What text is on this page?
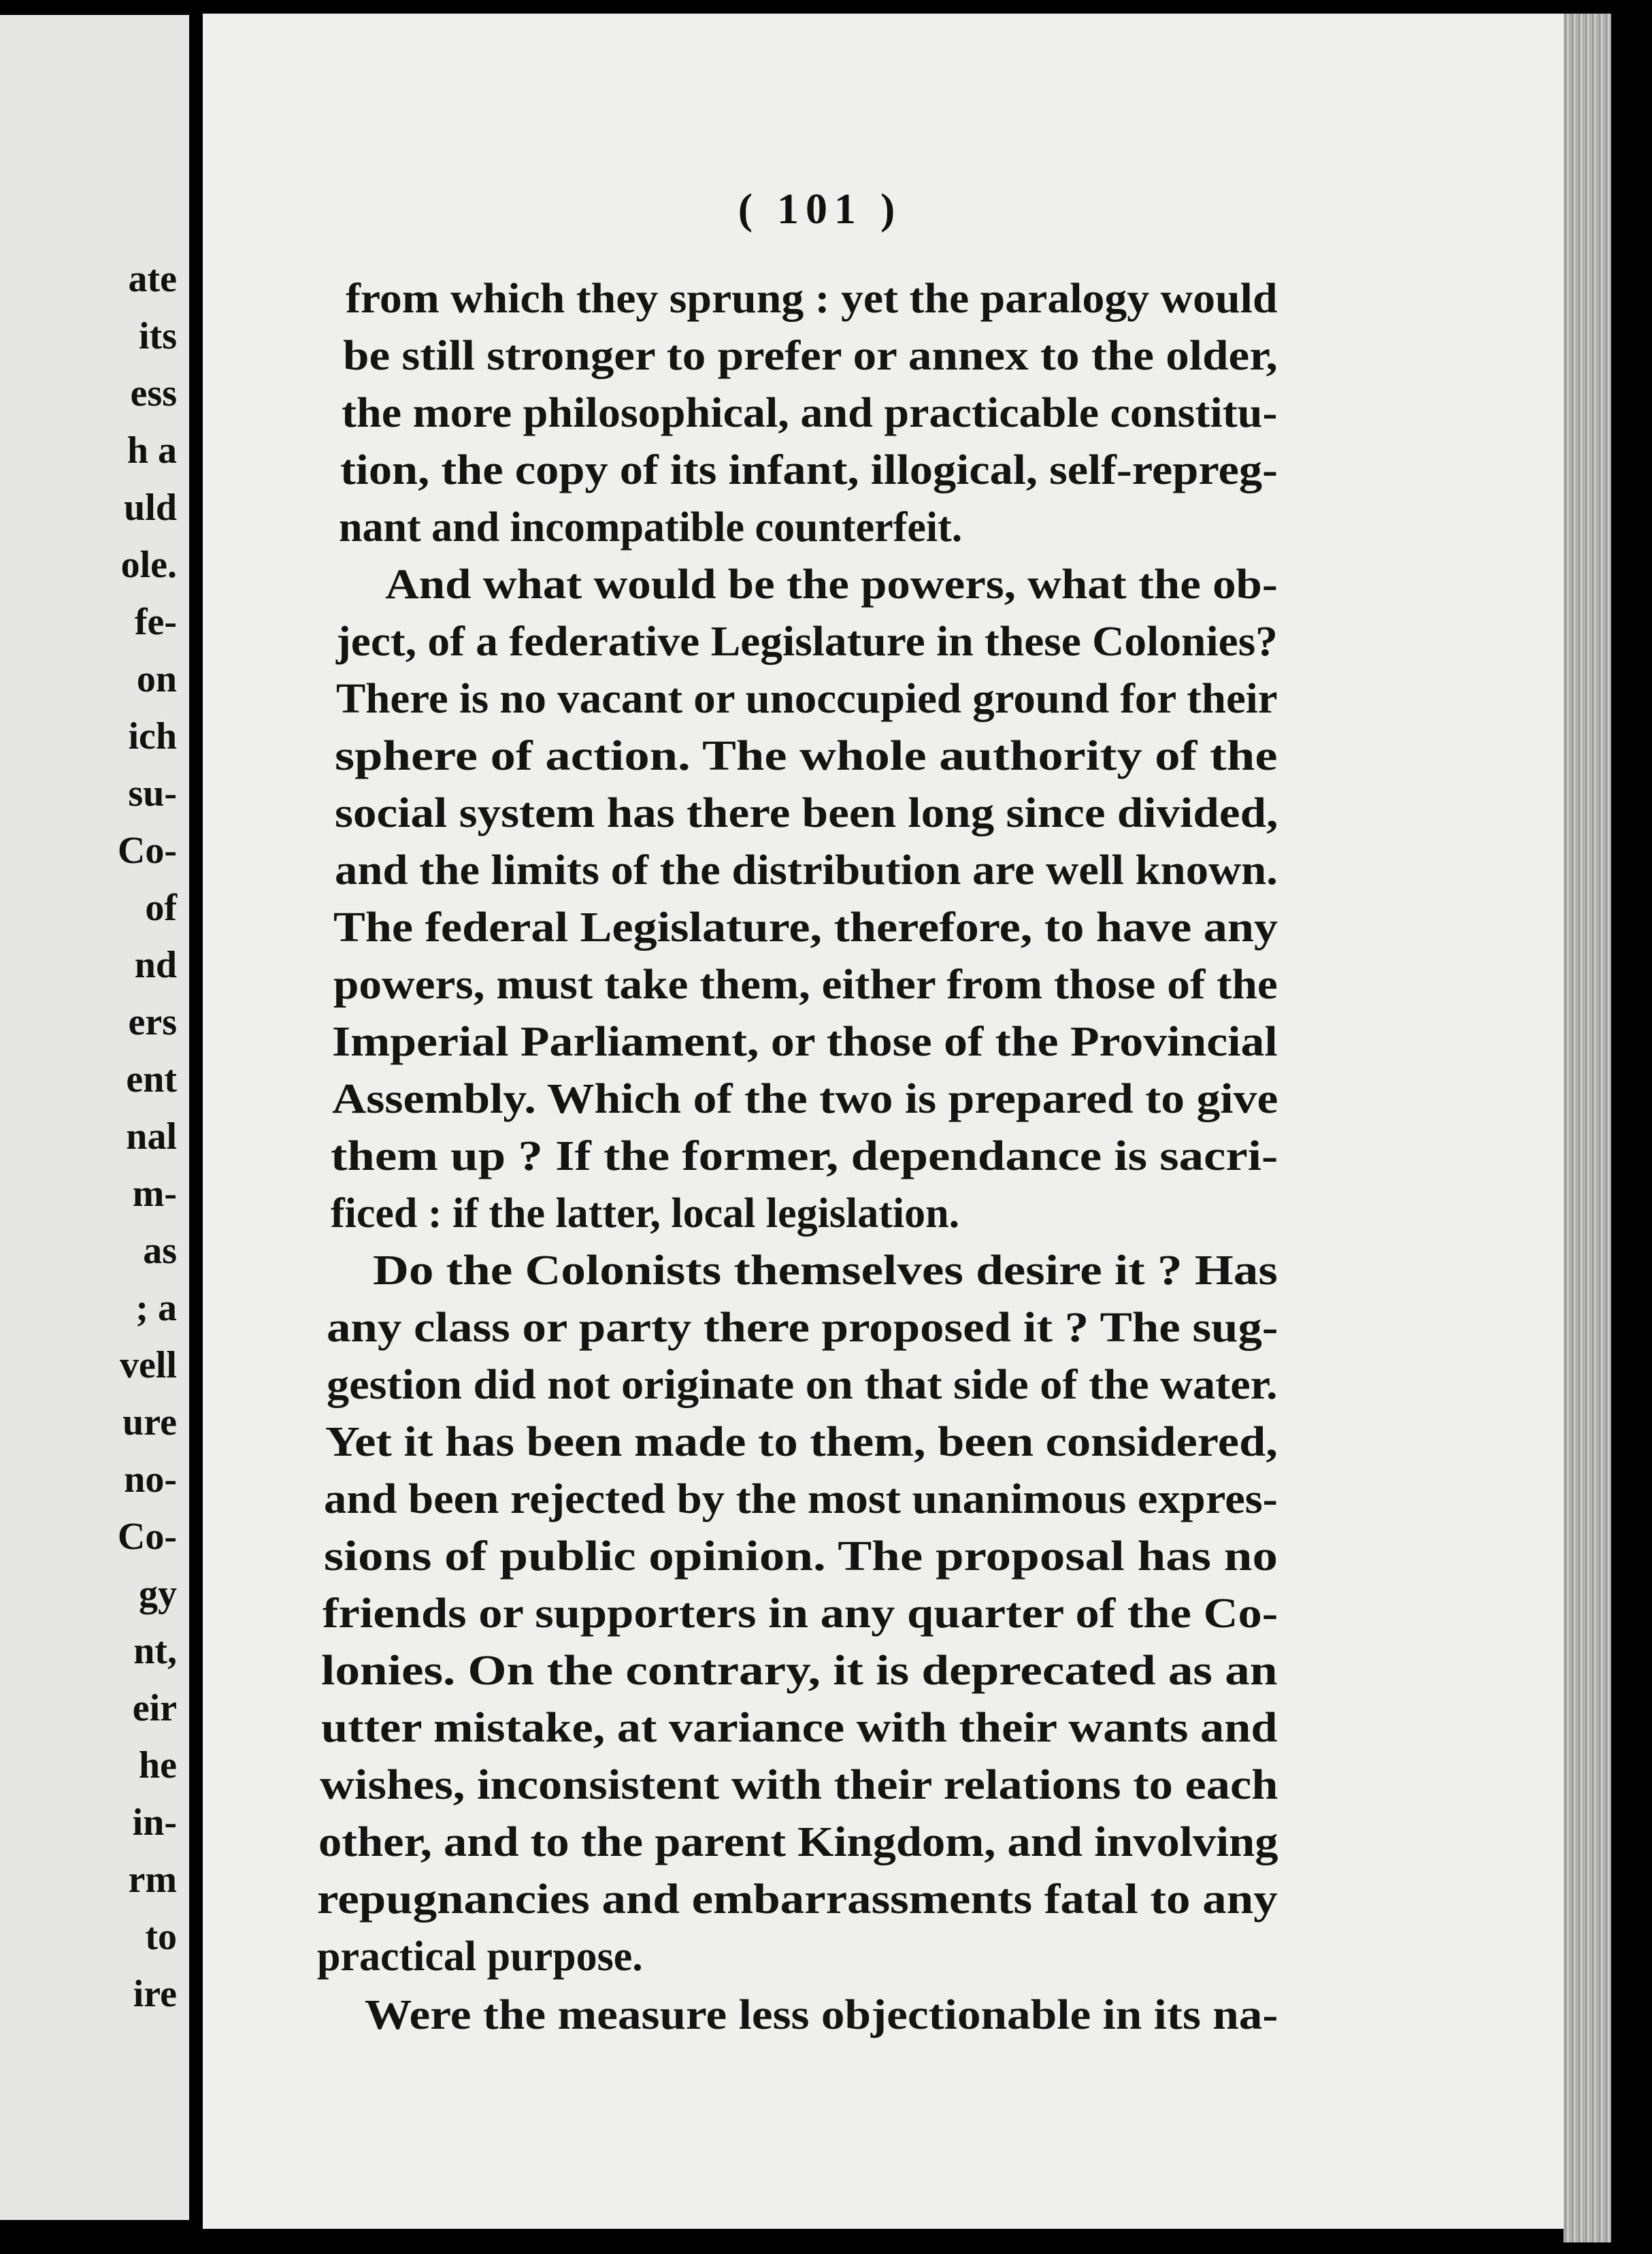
ate
its
ess
h a
uld
ole.
fe-
on
ich
su-
Co-
of
nd
ers
ent
nal
m-
as
; a
vell
ure
no-
Co-
gy
nt,
eir
he
in-
rm
to
ire
( 101 )
from which they sprung : yet the paralogy would
be still stronger to prefer or annex to the older,
the more philosophical, and practicable constitu-
tion, the copy of its infant, illogical, self-repreg-
nant and incompatible counterfeit.
And what would be the powers, what the ob-
ject, of a federative Legislature in these Colonies?
There is no vacant or unoccupied ground for their
sphere of action. The whole authority of the
social system has there been long since divided,
and the limits of the distribution are well known.
The federal Legislature, therefore, to have any
powers, must take them, either from those of the
Imperial Parliament, or those of the Provincial
Assembly. Which of the two is prepared to give
them up ? If the former, dependance is sacri-
ficed : if the latter, local legislation.
Do the Colonists themselves desire it ? Has
any class or party there proposed it ? The sug-
gestion did not originate on that side of the water.
Yet it has been made to them, been considered,
and been rejected by the most unanimous expres-
sions of public opinion. The proposal has no
friends or supporters in any quarter of the Co-
lonies. On the contrary, it is deprecated as an
utter mistake, at variance with their wants and
wishes, inconsistent with their relations to each
other, and to the parent Kingdom, and involving
repugnancies and embarrassments fatal to any
practical purpose.
Were the measure less objectionable in its na-
